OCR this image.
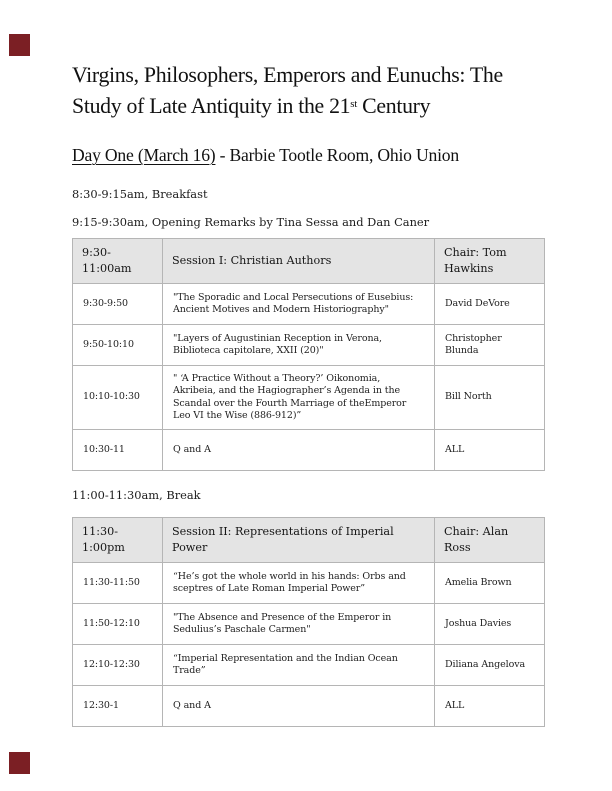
Virgins, Philosophers, Emperors and Eunuchs: The
Study of Late Antiquity in the 21st Century
Day One (March 16) - Barbie Tootle Room, Ohio Union

8:30-9:15am, Breakfast

9:15-9:30am, Opening Remarks by Tina Sessa and Dan Caner

9:30-11:00am	Session I: Christian Authors	Chair: Tom Hawkins
9:30-9:50	"The Sporadic and Local Persecutions of Eusebius: Ancient Motives and Modern Historiography"	David DeVore
9:50-10:10	"Layers of Augustinian Reception in Verona, Biblioteca capitolare, XXII (20)"	Christopher Blunda
10:10-10:30	" ‘A Practice Without a Theory?’ Oikonomia, Akribeia, and the Hagiographer’s Agenda in the Scandal over the Fourth Marriage of theEmperor Leo VI the Wise (886-912)”	Bill North
10:30-11	Q and A	ALL

11:00-11:30am, Break

11:30-1:00pm	Session II: Representations of Imperial Power	Chair: Alan Ross
11:30-11:50	“He’s got the whole world in his hands: Orbs and sceptres of Late Roman Imperial Power”	Amelia Brown
11:50-12:10	"The Absence and Presence of the Emperor in Sedulius’s Paschale Carmen"	Joshua Davies
12:10-12:30	“Imperial Representation and the Indian Ocean Trade”	Diliana Angelova
12:30-1	Q and A	ALL
